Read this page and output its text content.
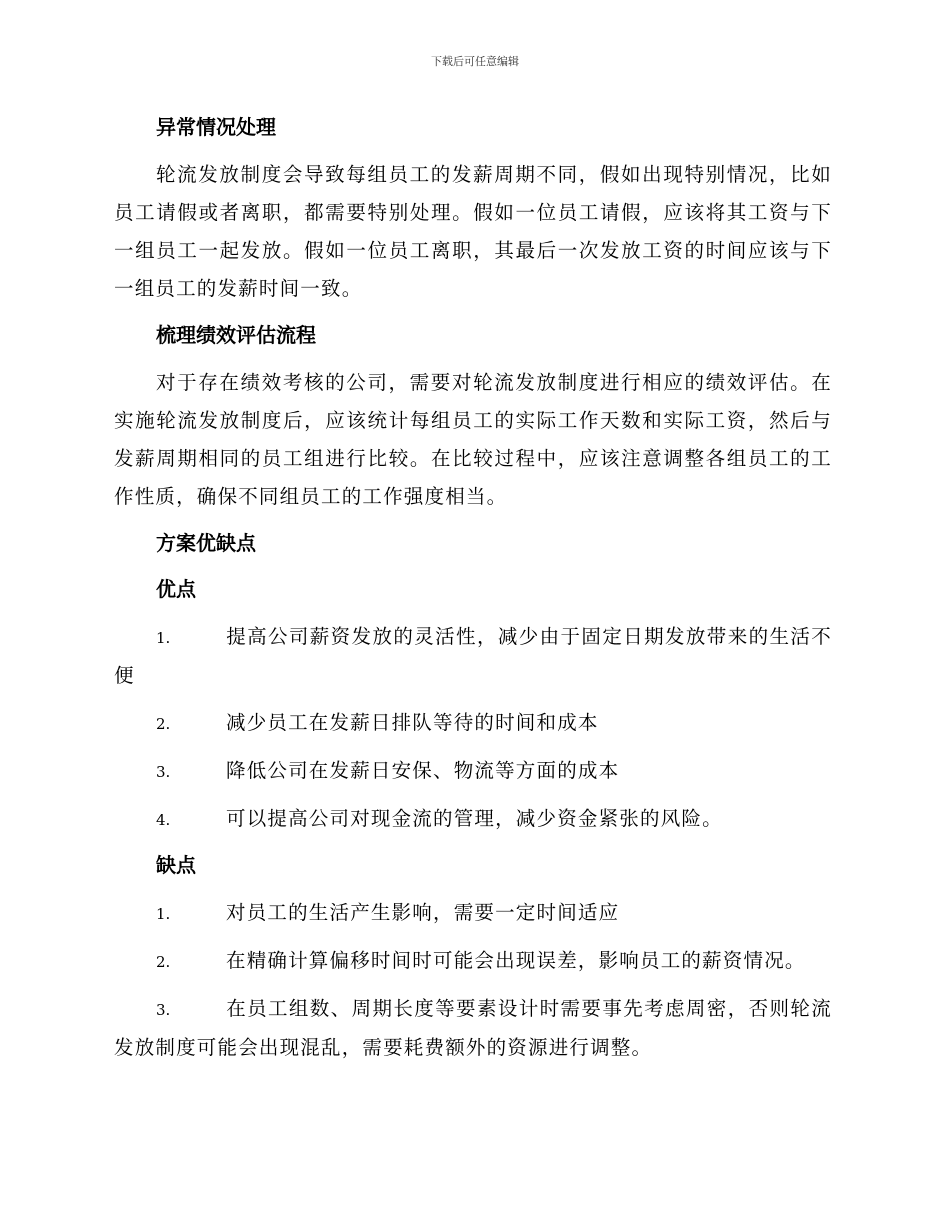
下载后可任意编辑
异常情况处理

轮流发放制度会导致每组员工的发薪周期不同，假如出现特别情况，比如员工请假或者离职，都需要特别处理。假如一位员工请假，应该将其工资与下一组员工一起发放。假如一位员工离职，其最后一次发放工资的时间应该与下一组员工的发薪时间一致。

梳理绩效评估流程

对于存在绩效考核的公司，需要对轮流发放制度进行相应的绩效评估。在实施轮流发放制度后，应该统计每组员工的实际工作天数和实际工资，然后与发薪周期相同的员工组进行比较。在比较过程中，应该注意调整各组员工的工作性质，确保不同组员工的工作强度相当。

方案优缺点
优点
1.	提高公司薪资发放的灵活性，减少由于固定日期发放带来的生活不便
2.	减少员工在发薪日排队等待的时间和成本
3.	降低公司在发薪日安保、物流等方面的成本
4.	可以提高公司对现金流的管理，减少资金紧张的风险。
缺点
1.	对员工的生活产生影响，需要一定时间适应
2.	在精确计算偏移时间时可能会出现误差，影响员工的薪资情况。
3.	在员工组数、周期长度等要素设计时需要事先考虑周密，否则轮流发放制度可能会出现混乱，需要耗费额外的资源进行调整。
